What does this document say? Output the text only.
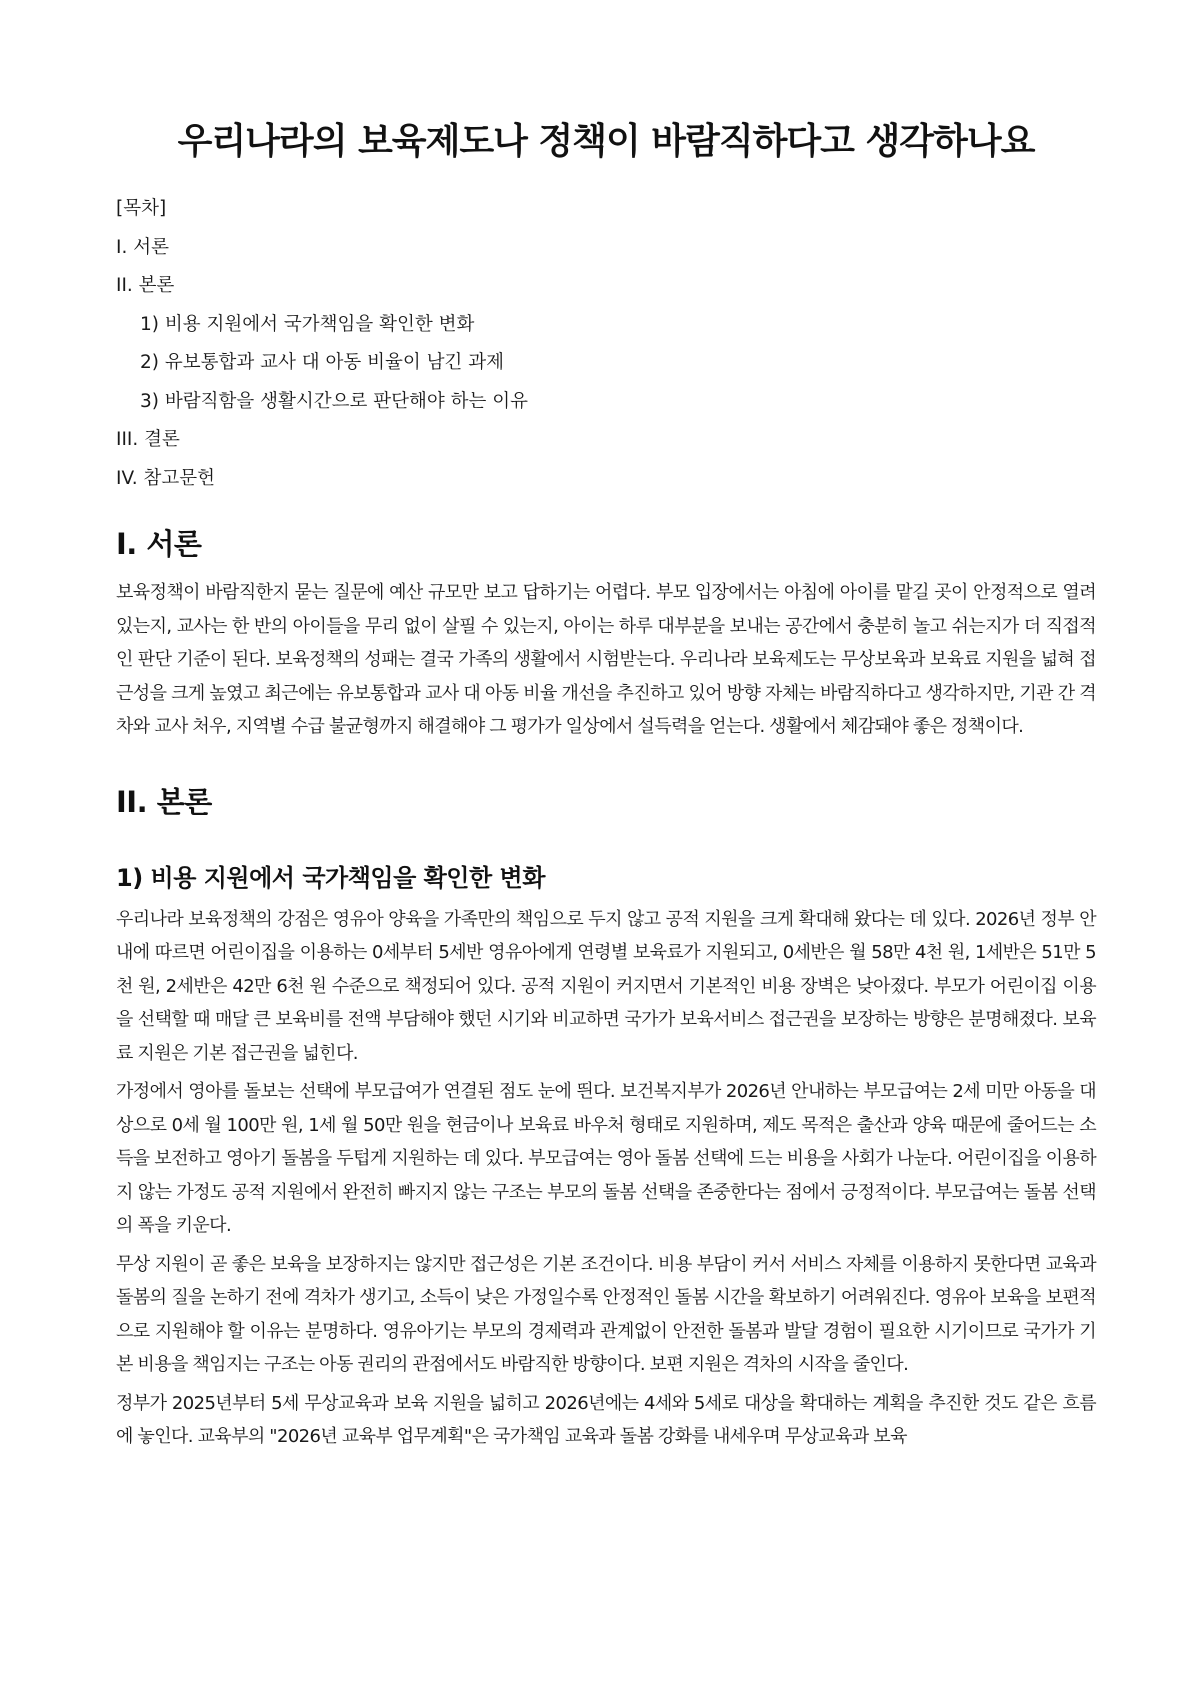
우리나라의 보육제도나 정책이 바람직하다고 생각하나요
[목차]
I. 서론
II. 본론
1) 비용 지원에서 국가책임을 확인한 변화
2) 유보통합과 교사 대 아동 비율이 남긴 과제
3) 바람직함을 생활시간으로 판단해야 하는 이유
III. 결론
IV. 참고문헌
I. 서론

보육정책이 바람직한지 묻는 질문에 예산 규모만 보고 답하기는 어렵다. 부모 입장에서는 아침에 아이를 맡길 곳이 안정적으로 열려 있는지, 교사는 한 반의 아이들을 무리 없이 살필 수 있는지, 아이는 하루 대부분을 보내는 공간에서 충분히 놀고 쉬는지가 더 직접적인 판단 기준이 된다. 보육정책의 성패는 결국 가족의 생활에서 시험받는다. 우리나라 보육제도는 무상보육과 보육료 지원을 넓혀 접근성을 크게 높였고 최근에는 유보통합과 교사 대 아동 비율 개선을 추진하고 있어 방향 자체는 바람직하다고 생각하지만, 기관 간 격차와 교사 처우, 지역별 수급 불균형까지 해결해야 그 평가가 일상에서 설득력을 얻는다. 생활에서 체감돼야 좋은 정책이다.

II. 본론
1) 비용 지원에서 국가책임을 확인한 변화

우리나라 보육정책의 강점은 영유아 양육을 가족만의 책임으로 두지 않고 공적 지원을 크게 확대해 왔다는 데 있다. 2026년 정부 안내에 따르면 어린이집을 이용하는 0세부터 5세반 영유아에게 연령별 보육료가 지원되고, 0세반은 월 58만 4천 원, 1세반은 51만 5천 원, 2세반은 42만 6천 원 수준으로 책정되어 있다. 공적 지원이 커지면서 기본적인 비용 장벽은 낮아졌다. 부모가 어린이집 이용을 선택할 때 매달 큰 보육비를 전액 부담해야 했던 시기와 비교하면 국가가 보육서비스 접근권을 보장하는 방향은 분명해졌다. 보육료 지원은 기본 접근권을 넓힌다.

가정에서 영아를 돌보는 선택에 부모급여가 연결된 점도 눈에 띈다. 보건복지부가 2026년 안내하는 부모급여는 2세 미만 아동을 대상으로 0세 월 100만 원, 1세 월 50만 원을 현금이나 보육료 바우처 형태로 지원하며, 제도 목적은 출산과 양육 때문에 줄어드는 소득을 보전하고 영아기 돌봄을 두텁게 지원하는 데 있다. 부모급여는 영아 돌봄 선택에 드는 비용을 사회가 나눈다. 어린이집을 이용하지 않는 가정도 공적 지원에서 완전히 빠지지 않는 구조는 부모의 돌봄 선택을 존중한다는 점에서 긍정적이다. 부모급여는 돌봄 선택의 폭을 키운다.

무상 지원이 곧 좋은 보육을 보장하지는 않지만 접근성은 기본 조건이다. 비용 부담이 커서 서비스 자체를 이용하지 못한다면 교육과 돌봄의 질을 논하기 전에 격차가 생기고, 소득이 낮은 가정일수록 안정적인 돌봄 시간을 확보하기 어려워진다. 영유아 보육을 보편적으로 지원해야 할 이유는 분명하다. 영유아기는 부모의 경제력과 관계없이 안전한 돌봄과 발달 경험이 필요한 시기이므로 국가가 기본 비용을 책임지는 구조는 아동 권리의 관점에서도 바람직한 방향이다. 보편 지원은 격차의 시작을 줄인다.

정부가 2025년부터 5세 무상교육과 보육 지원을 넓히고 2026년에는 4세와 5세로 대상을 확대하는 계획을 추진한 것도 같은 흐름에 놓인다. 교육부의 "2026년 교육부 업무계획"은 국가책임 교육과 돌봄 강화를 내세우며 무상교육과 보육
